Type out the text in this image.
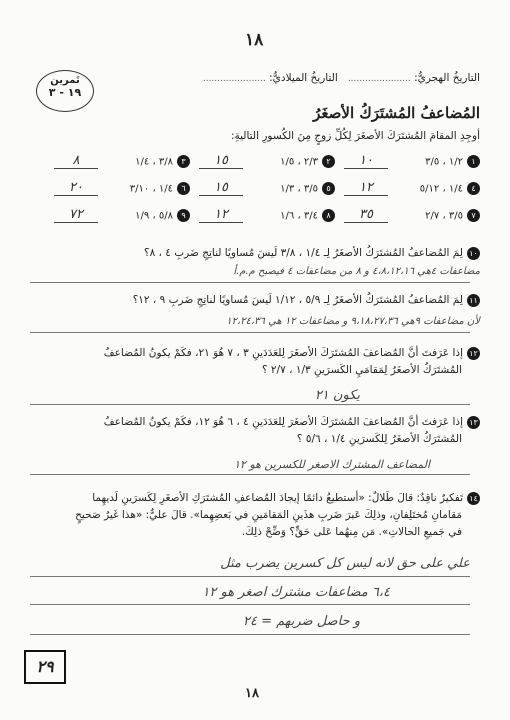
١٨
التاريخُ الهجريُّ: ......................   التاريخُ الميلاديُّ: ......................
تَمرين
١٩ - ٣
المُضاعفُ المُشتَرَكُ الأصغَرُ
أوجِدِ المقامَ المُشتَرَكَ الأصغَرَ لِكُلِّ زوجٍ مِنَ الكُسورِ التاليةِ:
١١/٢ ، ٣/٥
١٠
٢٢/٣ ، ١/٥
١٥
٣٣/٨ ، ١/٤
٨
٤١/٤ ، ٥/١٢
١٢
٥٣/٥ ، ١/٣
١٥
٦١/٤ ، ٣/١٠
٢٠
٧٣/٥ ، ٢/٧
٣٥
٨٣/٤ ، ١/٦
١٢
٩٥/٨ ، ١/٩
٧٢
١٠لِمَ المُضاعفُ المُشتَرَكُ الأصغَرُ لِـ ١/٤ ، ٣/٨ لَيسَ مُساويًا لناتِجِ ضَربِ ٤ ، ٨؟
مضاعفات ٤هي ٤،٨،١٢،١٦ و ٨ من مضاعفات ٤ فيصبح م.م.أ
١١لِمَ المُضاعفُ المُشتَرَكُ الأصغَرُ لِـ ٥/٩ ، ١/١٢ لَيسَ مُساويًا لناتِجِ ضَربِ ٩ ، ١٢؟
لأن مضاعفات ٩هي ٩،١٨،٢٧،٣٦ و مضاعفات ١٢ هي ١٢،٢٤،٣٦
١٢إذا عَرَفتَ أنَّ المُضاعفَ المُشتَرَكَ الأصغَرَ لِلعَدَدَينِ ٣ ، ٧ هُوَ ٢١، فكَمْ يكونُ المُضاعفُ
المُشتَرَكُ الأصغَرُ لِمَقامَيِ الكَسرَينِ ١/٣ ، ٢/٧ ؟
يكون ٢١
١٣إذا عَرَفتَ أنَّ المُضاعفَ المُشتَرَكَ الأصغَرَ لِلعَدَدَينِ ٤ ، ٦ هُوَ ١٢، فكَمْ يكونُ المُضاعفُ
المُشتَرَكُ الأصغَرُ لِلكَسرَينِ ١/٤ ، ٥/٦ ؟
المضاعف المشترك الاصغر للكسرين هو ١٢
١٤تَفكيرٌ ناقِدٌ: قالَ طَلالٌ: «أستطيعُ دائمًا إيجادَ المُضاعفِ المُشتَرَكِ الأصغَرِ لِكَسرَينِ لَديهِما
مَقامانِ مُختَلِفانِ، وذلِكَ عَبرَ ضَربِ هذَينِ المَقامَينِ في بَعضِهِما». قالَ عليٌّ: «هذا غَيرُ صَحيحٍ
في جَميعِ الحالاتِ». مَن مِنهُما عَلى حَقٍّ؟ وَضِّحْ ذلِكَ.
علي على حق لانه ليس كل كسرين يضرب مثل
٦،٤ مضاعفات مشترك اصغر هو ١٢
و حاصل ضربهم = ٢٤
٢٩
١٨
